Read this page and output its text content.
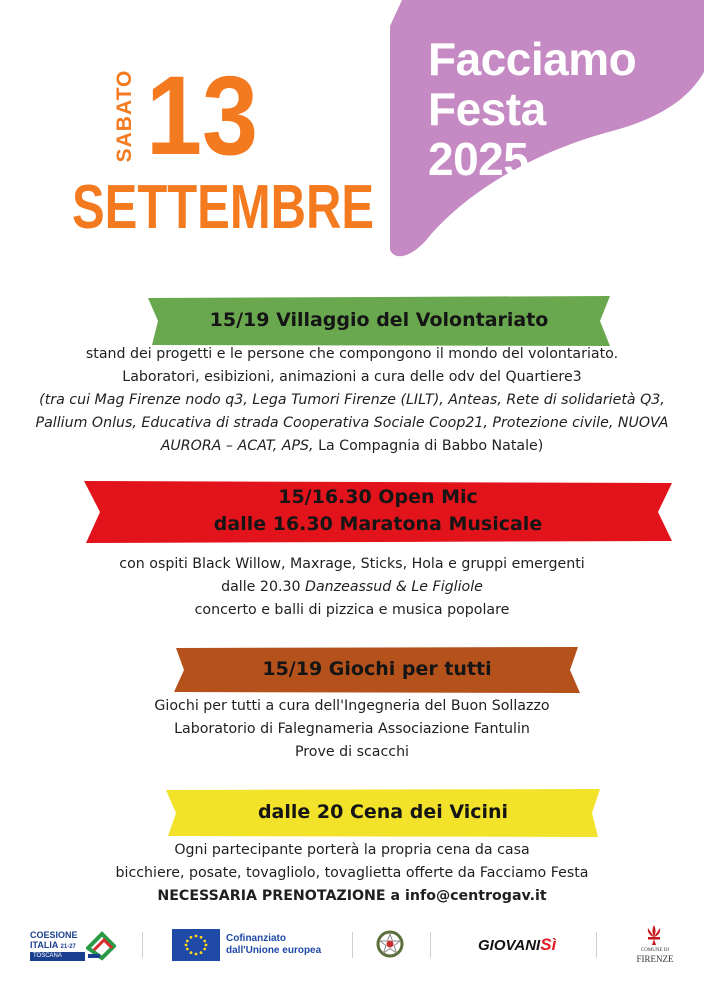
Facciamo
Festa
2025
SABATO 13
SETTEMBRE
15/19 Villaggio del Volontariato
stand dei progetti e le persone che compongono il mondo del volontariato.
Laboratori, esibizioni, animazioni a cura delle odv del Quartiere3
(tra cui Mag Firenze nodo q3, Lega Tumori Firenze (LILT), Anteas, Rete di solidarietà Q3,
Pallium Onlus, Educativa di strada Cooperativa Sociale Coop21, Protezione civile, NUOVA
AURORA – ACAT, APS, La Compagnia di Babbo Natale)
15/16.30 Open Mic
dalle 16.30 Maratona Musicale
con ospiti Black Willow, Maxrage, Sticks, Hola e gruppi emergenti
dalle 20.30 Danzeassud & Le Figliole
concerto e balli di pizzica e musica popolare
15/19 Giochi per tutti
Giochi per tutti a cura dell'Ingegneria del Buon Sollazzo
Laboratorio di Falegnameria Associazione Fantulin
Prove di scacchi
dalle 20 Cena dei Vicini
Ogni partecipante porterà la propria cena da casa
bicchiere, posate, tovagliolo, tovaglietta offerte da Facciamo Festa
NECESSARIA PRENOTAZIONE a info@centrogav.it
COESIONE
ITALIA 21-27
TOSCANA
Cofinanziato
dall'Unione europea	GIOVANISì	COMUNE DI
FIRENZE
